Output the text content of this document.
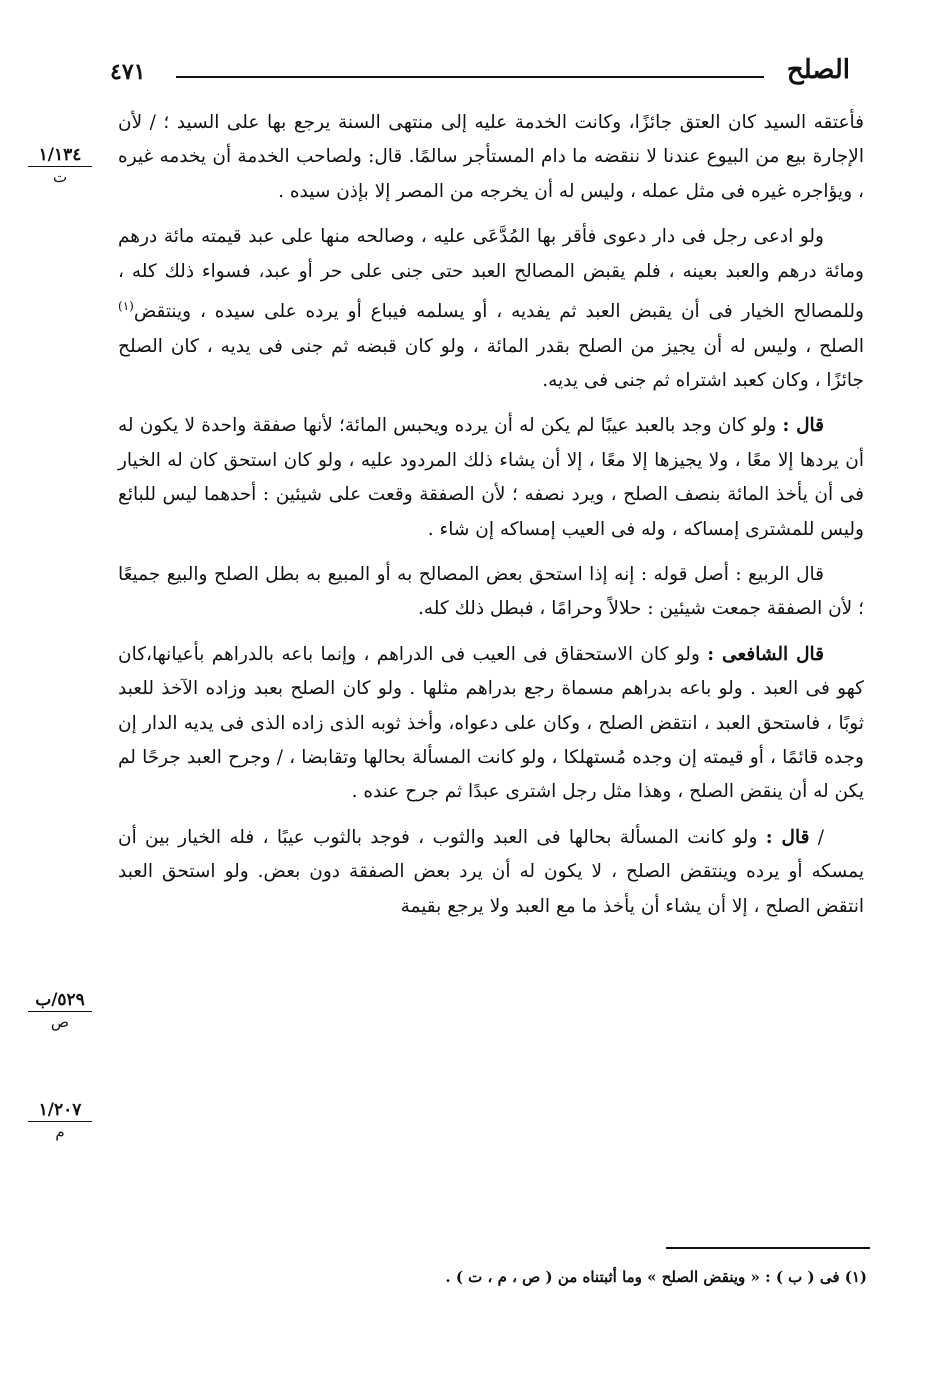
الصلح
٤٧١
١/١٣٤
ت
٥٢٩/ب
ص
١/٢٠٧
م

فأعتقه السيد كان العتق جائزًا، وكانت الخدمة عليه إلى منتهى السنة يرجع بها على السيد ؛ / لأن الإجارة بيع من البيوع عندنا لا ننقضه ما دام المستأجر سالمًا. قال: ولصاحب الخدمة أن يخدمه غيره ، ويؤاجره غيره فى مثل عمله ، وليس له أن يخرجه من المصر إلا بإذن سيده .

ولو ادعى رجل فى دار دعوى فأقر بها المُدَّعَى عليه ، وصالحه منها على عبد قيمته مائة درهم ومائة درهم والعبد بعينه ، فلم يقبض المصالح العبد حتى جنى على حر أو عبد، فسواء ذلك كله ، وللمصالح الخيار فى أن يقبض العبد ثم يفديه ، أو يسلمه فيباع أو يرده على سيده ، وينتقض$^{(١)}$ الصلح ، وليس له أن يجيز من الصلح بقدر المائة ، ولو كان قبضه ثم جنى فى يديه ، كان الصلح جائزًا ، وكان كعبد اشتراه ثم جنى فى يديه.

قال : ولو كان وجد بالعبد عيبًا لم يكن له أن يرده ويحبس المائة؛ لأنها صفقة واحدة لا يكون له أن يردها إلا معًا ، ولا يجيزها إلا معًا ، إلا أن يشاء ذلك المردود عليه ، ولو كان استحق كان له الخيار فى أن يأخذ المائة بنصف الصلح ، ويرد نصفه ؛ لأن الصفقة وقعت على شيئين : أحدهما ليس للبائع وليس للمشترى إمساكه ، وله فى العيب إمساكه إن شاء .

قال الربيع : أصل قوله : إنه إذا استحق بعض المصالح به أو المبيع به بطل الصلح والبيع جميعًا ؛ لأن الصفقة جمعت شيئين : حلالاً وحرامًا ، فبطل ذلك كله.

قال الشافعى : ولو كان الاستحقاق فى العيب فى الدراهم ، وإنما باعه بالدراهم بأعيانها،كان كهو فى العبد . ولو باعه بدراهم مسماة رجع بدراهم مثلها . ولو كان الصلح بعبد وزاده الآخذ للعبد ثوبًا ، فاستحق العبد ، انتقض الصلح ، وكان على دعواه، وأخذ ثوبه الذى زاده الذى فى يديه الدار إن وجده قائمًا ، أو قيمته إن وجده مُستهلكا ، ولو كانت المسألة بحالها وتقابضا ، / وجرح العبد جرحًا لم يكن له أن ينقض الصلح ، وهذا مثل رجل اشترى عبدًا ثم جرح عنده .

/ قال : ولو كانت المسألة بحالها فى العبد والثوب ، فوجد بالثوب عيبًا ، فله الخيار بين أن يمسكه أو يرده وينتقض الصلح ، لا يكون له أن يرد بعض الصفقة دون بعض. ولو استحق العبد انتقض الصلح ، إلا أن يشاء أن يأخذ ما مع العبد ولا يرجع بقيمة

(١) فى ( ب ) : « وينقض الصلح » وما أثبتناه من ( ص ، م ، ت ) .
